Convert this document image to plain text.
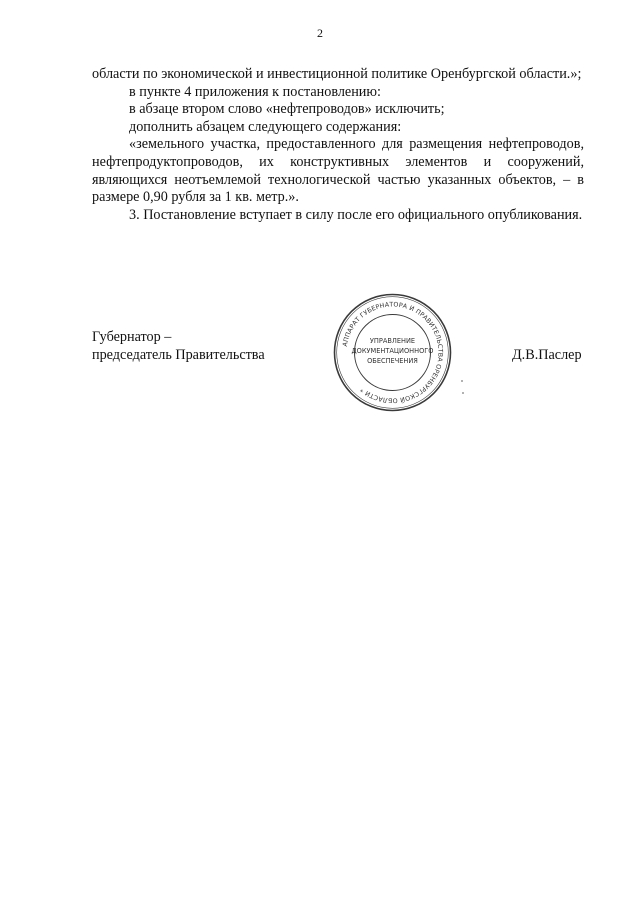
2

области по экономической и инвестиционной политике Оренбургской области.»;

в пункте 4 приложения к постановлению:

в абзаце втором слово «нефтепроводов» исключить;

дополнить абзацем следующего содержания:

«земельного участка, предоставленного для размещения нефтепроводов, нефтепродуктопроводов, их конструктивных элементов и сооружений, являющихся неотъемлемой технологической частью указанных объектов, – в размере 0,90 рубля за 1 кв. метр.».

3. Постановление вступает в силу после его официального опубликования.

Губернатор –
председатель Правительства	Д.В.Паслер
АППАРАТ ГУБЕРНАТОРА И ПРАВИТЕЛЬСТВА ОРЕНБУРГСКОЙ ОБЛАСТИ *
УПРАВЛЕНИЕ
ДОКУМЕНТАЦИОННОГО
ОБЕСПЕЧЕНИЯ
